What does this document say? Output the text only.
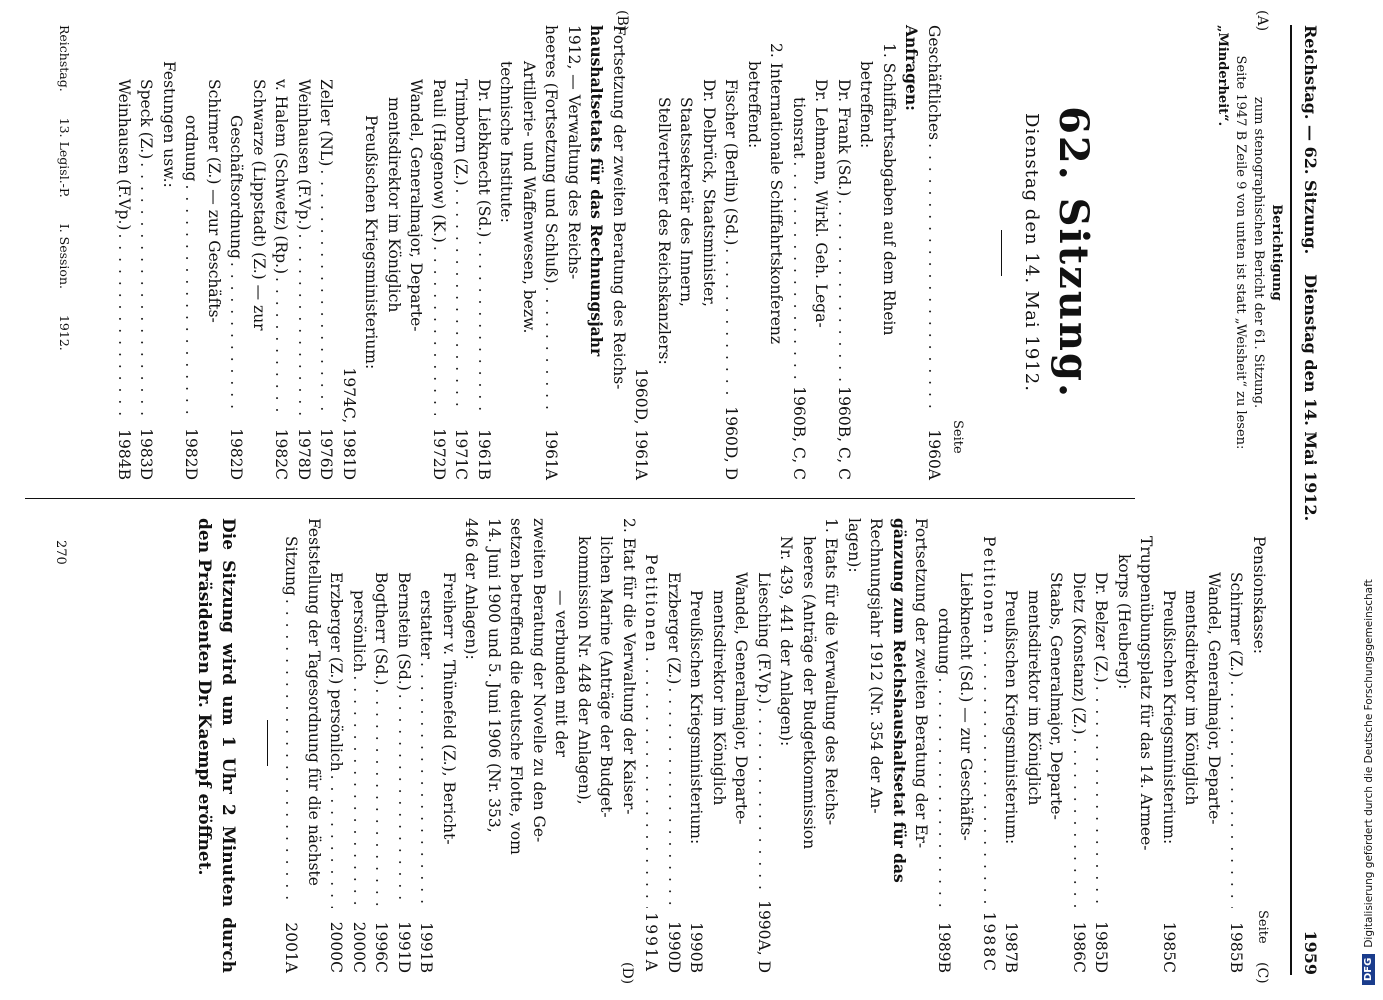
Reichstag. — 62. Sitzung.
Dienstag den 14. Mai 1912.
1959
(A)
(B)
(C)
(D)
Berichtigung
zum stenographischen Bericht der 61. Sitzung.
Seite 1947 B Zeile 9 von unten ist statt „Weisheit“ zu lesen:
„Minderheit“.
62. Sitzung.
Dienstag den 14. Mai 1912.
Seite
Seite
Geschäftliches
. . .
1960A
Anfragen:
1. Schiffahrtsabgaben auf dem Rhein
betreffend:
Dr. Frank (Sd.)
. . .
1960B, C, C
Dr. Lehmann, Wirkl. Geh. Lega-
tionsrat
. . .
1960B, C, C
2. Internationale Schiffahrtskonferenz
betreffend:
Fischer (Berlin) (Sd.)
. . .
1960D, D
Dr. Delbrück, Staatsminister,
Staatssekretär des Innern,
Stellvertreter des Reichskanzlers:
1960D, 1961A
Fortsetzung der zweiten Beratung des Reichs-
haushaltsetats für das Rechnungsjahr
1912, — Verwaltung des Reichs-
heeres (Fortsetzung und Schluß)
. . .
1961A
Artillerie- und Waffenwesen, bezw.
technische Institute:
Dr. Liebknecht (Sd.)
. . .
1961B
Trimborn (Z.)
. . .
1971C
Pauli (Hagenow) (K.)
. . .
1972D
Wandel, Generalmajor, Departe-
mentsdirektor im Königlich
Preußischen Kriegsministerium:
1974C, 1981D
Zeller (NL)
. . .
1976D
Weinhausen (F.Vp.)
. . .
1978D
v. Halem (Schwetz) (Rp.)
. . .
1982C
Schwarze (Lippstadt) (Z.) — zur
Geschäftsordnung
. . .
1982D
Schirmer (Z.) — zur Geschäfts-
ordnung
. . .
1982D
Festungen usw.:
Speck (Z.)
. . .
1983D
Weinhausen (F.Vp.)
. . .
1984B
Pensionskasse:
Schirmer (Z.)
. . .
1985B
Wandel, Generalmajor, Departe-
mentsdirektor im Königlich
Preußischen Kriegsministerium:
1985C
Truppenübungsplatz für das 14. Armee-
korps (Heuberg):
Dr. Belzer (Z.)
. . .
1985D
Dietz (Konstanz) (Z.)
. . .
1986C
Staabs, Generalmajor, Departe-
mentsdirektor im Königlich
Preußischen Kriegsministerium:
1987B
Petitionen
. . .
1988C
Liebknecht (Sd.) — zur Geschäfts-
ordnung
. . .
1989B
Fortsetzung der zweiten Beratung der Er-
gänzung zum Reichshaushaltsetat für das
Rechnungsjahr 1912 (Nr. 354 der An-
lagen):
1. Etats für die Verwaltung des Reichs-
heeres (Anträge der Budgetkommission
Nr. 439, 441 der Anlagen):
Liesching (F.Vp.)
. . .
1990A, D
Wandel, Generalmajor, Departe-
mentsdirektor im Königlich
Preußischen Kriegsministerium:
1990B
Erzberger (Z.)
. . .
1990D
Petitionen
. . .
1991A
2. Etat für die Verwaltung der Kaiser-
lichen Marine (Anträge der Budget-
kommission Nr. 448 der Anlagen),
— verbunden mit der
zweiten Beratung der Novelle zu den Ge-
setzen betreffend die deutsche Flotte, vom
14. Juni 1900 und 5. Juni 1906 (Nr. 353,
446 der Anlagen):
Freiherr v. Thünefeld (Z.), Bericht-
erstatter
. . .
1991B
Bernstein (Sd.)
. . .
1991D
Bogtherr (Sd.)
. . .
1996C
persönlich
. . .
2000C
Erzberger (Z.) persönlich
. . .
2000C
Feststellung der Tagesordnung für die nächste
Sitzung
. . .
2001A
Die Sitzung wird um 1 Uhr 2 Minuten durch den Präsidenten Dr. Kaempf eröffnet.
Reichstag.
13. Legisl.-P.
I. Session.
1912.
270
DFG
Digitalisierung gefördert durch die Deutsche Forschungsgemeinschaft
